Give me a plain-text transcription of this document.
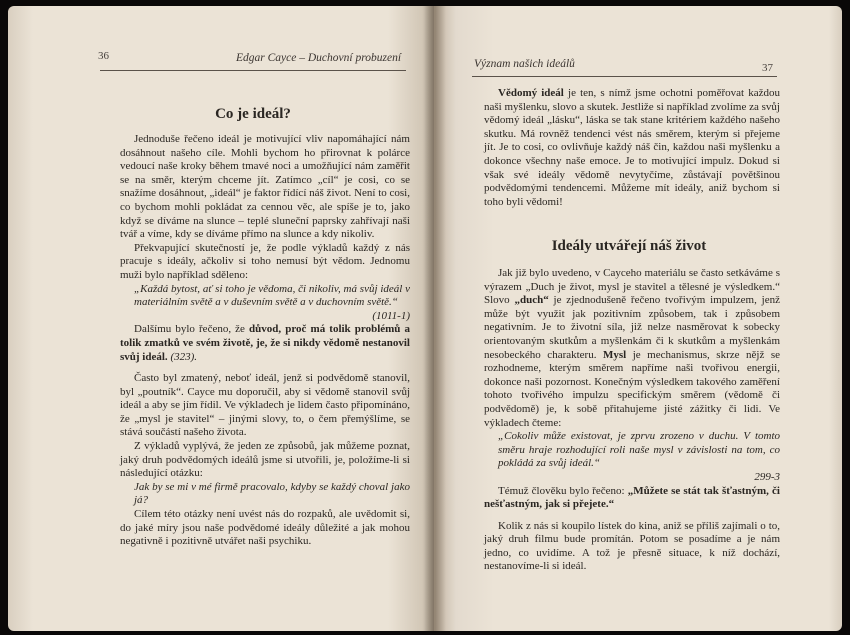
36	Edgar Cayce – Duchovní probuzení
Co je ideál?

Jednoduše řečeno ideál je motivující vliv napomáhající nám dosáhnout našeho cíle. Mohli bychom ho přirovnat k polárce vedoucí naše kroky během tmavé noci a umožňující nám zaměřit se na směr, kterým chceme jít. Zatímco „cíl“ je cosi, co se snažíme dosáhnout, „ideál“ je faktor řídící náš život. Není to cosi, co bychom mohli pokládat za cennou věc, ale spíše je to, jako když se díváme na slunce – teplé sluneční paprsky zahřívají naši tvář a víme, kdy se díváme přímo na slunce a kdy nikoliv.

Překvapující skutečností je, že podle výkladů každý z nás pracuje s ideály, ačkoliv si toho nemusí být vědom. Jednomu muži bylo například sděleno:

„Každá bytost, ať si toho je vědoma, či nikoliv, má svůj ideál v materiálním světě a v duševním světě a v duchovním světě.“

(1011-1)

Dalšímu bylo řečeno, že důvod, proč má tolik problémů a tolik zmatků ve svém životě, je, že si nikdy vědomě nestanovil svůj ideál. (323).

Často byl zmatený, neboť ideál, jenž si podvědomě stanovil, byl „poutník“. Cayce mu doporučil, aby si vědomě stanovil svůj ideál a aby se jím řídil. Ve výkladech je lidem často připomínáno, že „mysl je stavitel“ – jinými slovy, to, o čem přemýšlíme, se stává součástí našeho života.

Z výkladů vyplývá, že jeden ze způsobů, jak můžeme poznat, jaký druh podvědomých ideálů jsme si utvořili, je, položíme-li si následující otázku:

Jak by se mi v mé firmě pracovalo, kdyby se každý choval jako já?

Cílem této otázky není uvést nás do rozpaků, ale uvědomit si, do jaké míry jsou naše podvědomé ideály důležité a jak mohou negativně i pozitivně utvářet naši psychiku.

Význam našich ideálů	37

Vědomý ideál je ten, s nímž jsme ochotni poměřovat každou naši myšlenku, slovo a skutek. Jestliže si například zvolíme za svůj vědomý ideál „lásku“, láska se tak stane kritériem každého našeho skutku. Má rovněž tendenci vést nás směrem, kterým si přejeme jít. Je to cosi, co ovlivňuje každý náš čin, každou naši myšlenku a dokonce všechny naše emoce. Je to motivující impulz. Dokud si však své ideály vědomě nevytyčíme, zůstávají povětšinou podvědomými tendencemi. Můžeme mít ideály, aniž bychom si toho byli vědomi!

Ideály utvářejí náš život

Jak již bylo uvedeno, v Cayceho materiálu se často setkáváme s výrazem „Duch je život, mysl je stavitel a tělesné je výsledkem.“ Slovo „duch“ je zjednodušeně řečeno tvořivým impulzem, jenž může být využit jak pozitivním způsobem, tak i způsobem negativním. Je to životní síla, již nelze nasměrovat k sobecky orientovaným skutkům a myšlenkám či k skutkům a myšlenkám nesobeckého charakteru. Mysl je mechanismus, skrze nějž se rozhodneme, kterým směrem napříme naši tvořivou energii, dokonce naši pozornost. Konečným výsledkem takového zaměření tohoto tvořivého impulzu specifickým směrem (vědomě či podvědomě) je, k sobě přitahujeme jisté zážitky či lidi. Ve výkladech čteme:

„Cokoliv může existovat, je zprvu zrozeno v duchu. V tomto směru hraje rozhodující roli naše mysl v závislosti na tom, co pokládá za svůj ideál.“

299-3

Témuž člověku bylo řečeno: „Můžete se stát tak šťastným, či nešťastným, jak si přejete.“

Kolik z nás si koupilo lístek do kina, aniž se příliš zajímali o to, jaký druh filmu bude promítán. Potom se posadíme a je nám jedno, co uvidíme. A tož je přesně situace, k níž dochází, nestanovíme-li si ideál.
